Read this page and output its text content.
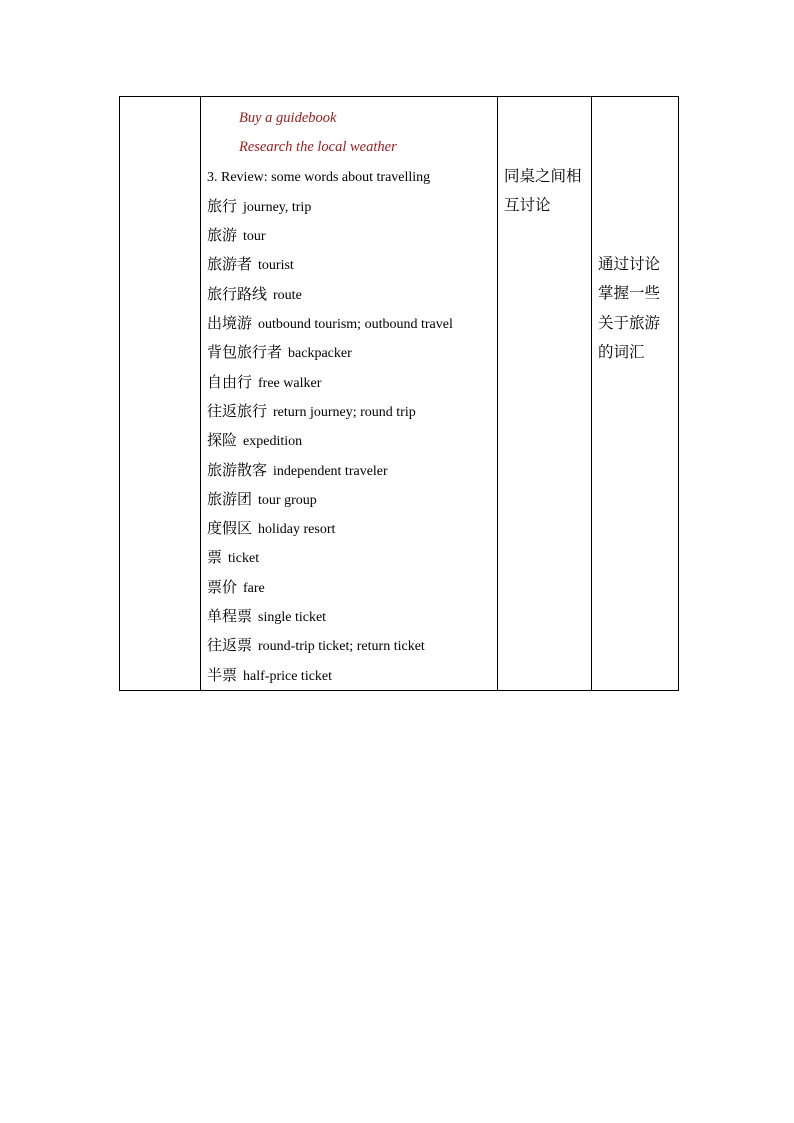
Buy a guidebook
Research the local weather
3. Review: some words about travelling
旅行 journey, trip
旅游 tour
旅游者 tourist
旅行路线 route
出境游 outbound tourism; outbound travel
背包旅行者 backpacker
自由行 free walker
往返旅行 return journey; round trip
探险 expedition
旅游散客 independent traveler
旅游团 tour group
度假区 holiday resort
票 ticket
票价 fare
单程票 single ticket
往返票 round-trip ticket; return ticket
半票 half-price ticket

同桌之间相
互讨论

通过讨论
掌握一些
关于旅游
的词汇
